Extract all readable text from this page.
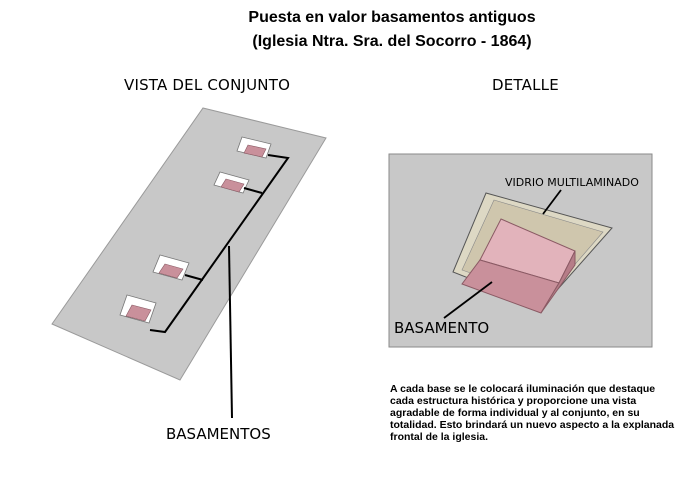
Puesta en valor basamentos antiguos
(Iglesia Ntra. Sra. del Socorro - 1864)
VISTA DEL CONJUNTO	DETALLE
BASAMENTOS
VIDRIO MULTILAMINADO
BASAMENTO
A cada base se le colocará iluminación que destaque cada estructura histórica y proporcione una vista agradable de forma individual y al conjunto, en su totalidad. Esto brindará un nuevo aspecto a la explanada frontal de la iglesia.
